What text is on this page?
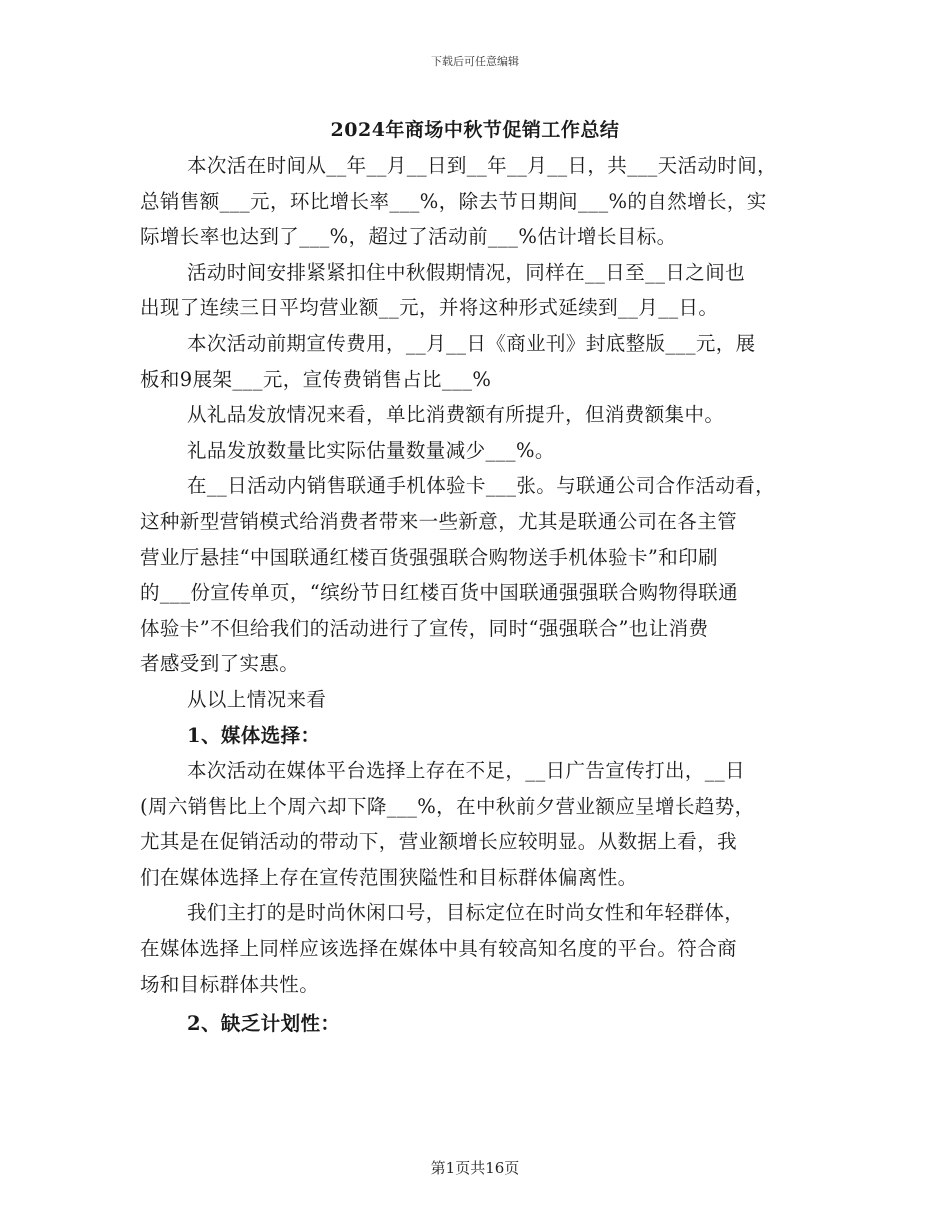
下载后可任意编辑
2024年商场中秋节促销工作总结
本次活在时间从__年__月__日到__年__月__日，共___天活动时间，
总销售额___元，环比增长率___%，除去节日期间___%的自然增长，实
际增长率也达到了___%，超过了活动前___%估计增长目标。
活动时间安排紧紧扣住中秋假期情况，同样在__日至__日之间也
出现了连续三日平均营业额__元，并将这种形式延续到__月__日。
本次活动前期宣传费用，__月__日《商业刊》封底整版___元，展
板和9展架___元，宣传费销售占比___%
从礼品发放情况来看，单比消费额有所提升，但消费额集中。
礼品发放数量比实际估量数量减少___%。
在__日活动内销售联通手机体验卡___张。与联通公司合作活动看，
这种新型营销模式给消费者带来一些新意，尤其是联通公司在各主管
营业厅悬挂“中国联通红楼百货强强联合购物送手机体验卡”和印刷
的___份宣传单页，“缤纷节日红楼百货中国联通强强联合购物得联通
体验卡”不但给我们的活动进行了宣传，同时“强强联合”也让消费
者感受到了实惠。
从以上情况来看
1、媒体选择：
本次活动在媒体平台选择上存在不足，__日广告宣传打出，__日
(周六销售比上个周六却下降___%，在中秋前夕营业额应呈增长趋势，
尤其是在促销活动的带动下，营业额增长应较明显。从数据上看，我
们在媒体选择上存在宣传范围狭隘性和目标群体偏离性。
我们主打的是时尚休闲口号，目标定位在时尚女性和年轻群体，
在媒体选择上同样应该选择在媒体中具有较高知名度的平台。符合商
场和目标群体共性。
2、缺乏计划性：
第1页共16页
